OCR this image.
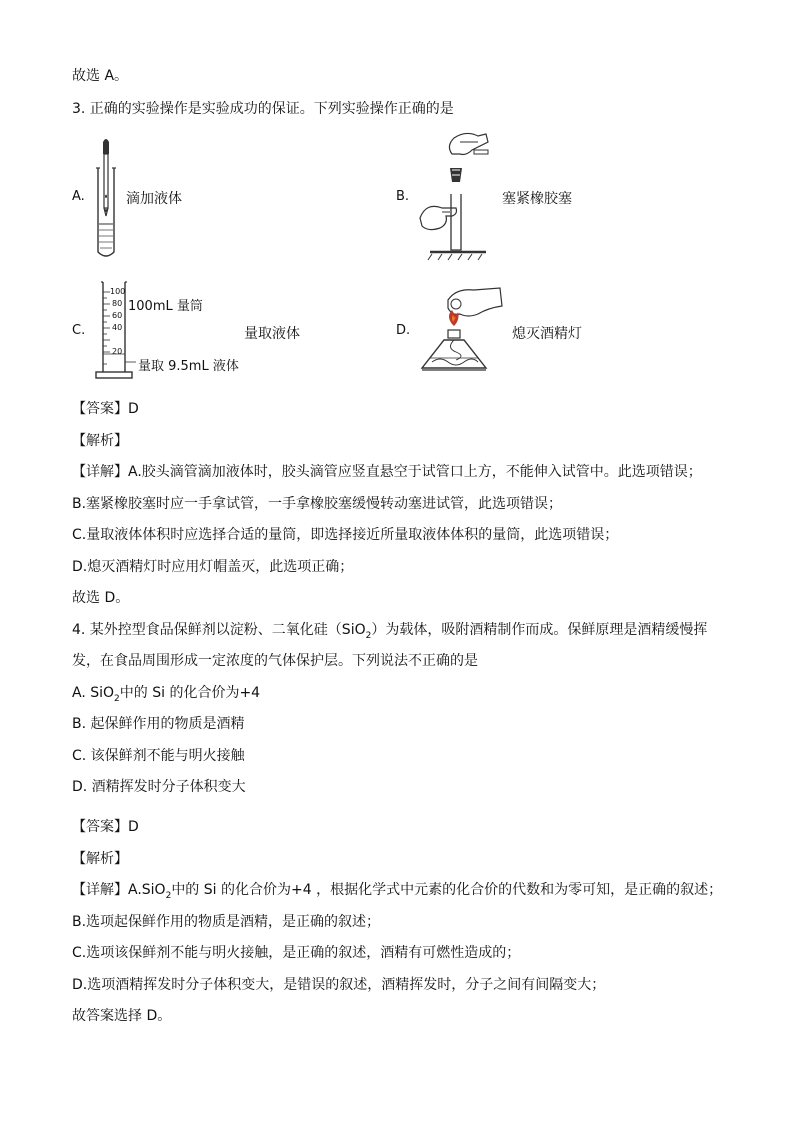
故选 A。
3. 正确的实验操作是实验成功的保证。下列实验操作正确的是
A.	滴加液体	B.	塞紧橡胶塞
C.
100
80
60
40
20
100mL 量筒
量取液体
量取 9.5mL 液体
D.	熄灭酒精灯
【答案】D
【解析】
【详解】A.胶头滴管滴加液体时，胶头滴管应竖直悬空于试管口上方，不能伸入试管中。此选项错误；
B.塞紧橡胶塞时应一手拿试管，一手拿橡胶塞缓慢转动塞进试管，此选项错误；
C.量取液体体积时应选择合适的量筒，即选择接近所量取液体体积的量筒，此选项错误；
D.熄灭酒精灯时应用灯帽盖灭，此选项正确；
故选 D。
4. 某外控型食品保鲜剂以淀粉、二氧化硅（SiO$_2$）为载体，吸附酒精制作而成。保鲜原理是酒精缓慢挥
发，在食品周围形成一定浓度的气体保护层。下列说法不正确的是
A. SiO$_2$中的 Si 的化合价为+4
B. 起保鲜作用的物质是酒精
C. 该保鲜剂不能与明火接触
D. 酒精挥发时分子体积变大
【答案】D
【解析】
【详解】A.SiO$_2$中的 Si 的化合价为+4 ，根据化学式中元素的化合价的代数和为零可知，是正确的叙述；
B.选项起保鲜作用的物质是酒精，是正确的叙述；
C.选项该保鲜剂不能与明火接触，是正确的叙述，酒精有可燃性造成的；
D.选项酒精挥发时分子体积变大，是错误的叙述，酒精挥发时，分子之间有间隔变大；
故答案选择 D。
